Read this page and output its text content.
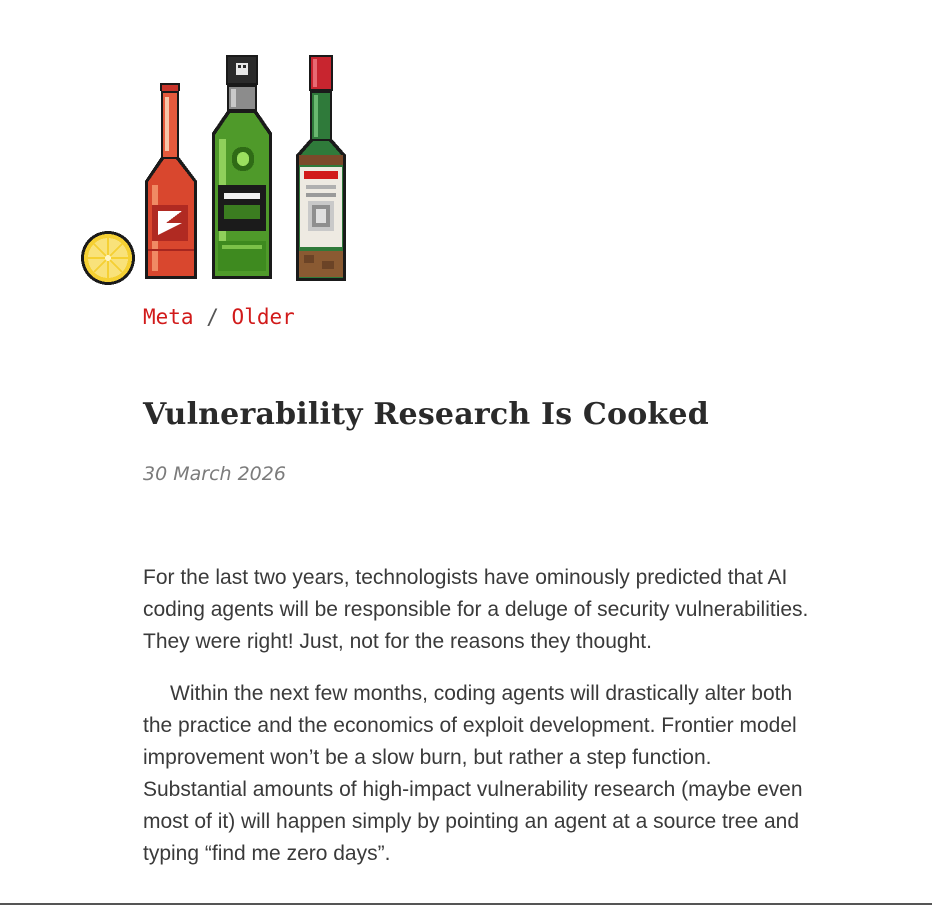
Meta / Older
Vulnerability Research Is Cooked
30 March 2026

For the last two years, technologists have ominously predicted that AI coding agents will be responsible for a deluge of security vulnerabilities. They were right! Just, not for the reasons they thought.

Within the next few months, coding agents will drastically alter both the practice and the economics of exploit development. Frontier model improvement won’t be a slow burn, but rather a step function. Substantial amounts of high-impact vulnerability research (maybe even most of it) will happen simply by pointing an agent at a source tree and typing “find me zero days”.
